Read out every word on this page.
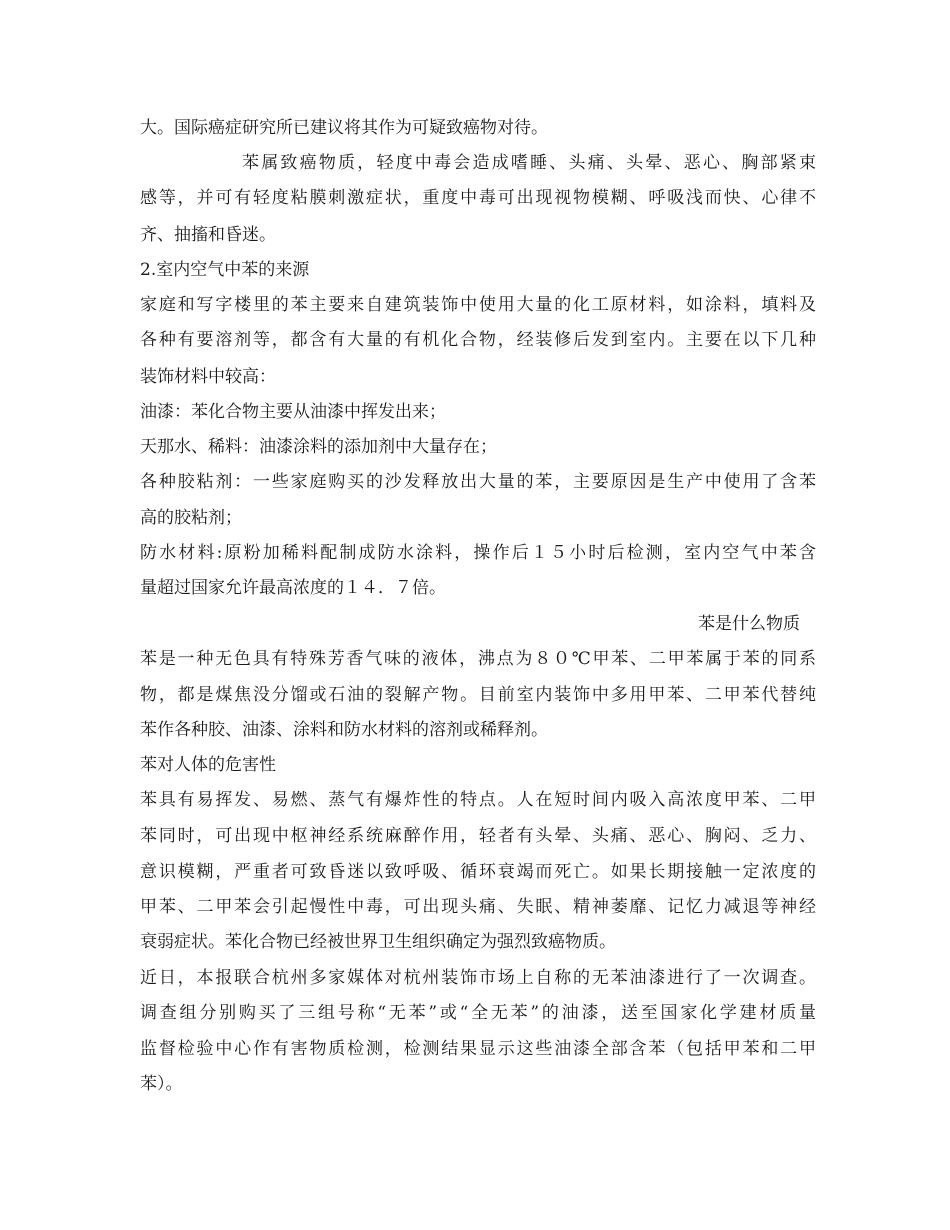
大。国际癌症研究所已建议将其作为可疑致癌物对待。
苯属致癌物质，轻度中毒会造成嗜睡、头痛、头晕、恶心、胸部紧束
感等，并可有轻度粘膜刺激症状，重度中毒可出现视物模糊、呼吸浅而快、心律不
齐、抽搐和昏迷。
2.室内空气中苯的来源
家庭和写字楼里的苯主要来自建筑装饰中使用大量的化工原材料，如涂料，填料及
各种有要溶剂等，都含有大量的有机化合物，经装修后发到室内。主要在以下几种
装饰材料中较高：
油漆：苯化合物主要从油漆中挥发出来；
天那水、稀料：油漆涂料的添加剂中大量存在；
各种胶粘剂：一些家庭购买的沙发释放出大量的苯，主要原因是生产中使用了含苯
高的胶粘剂；
防水材料:原粉加稀料配制成防水涂料，操作后１５小时后检测，室内空气中苯含
量超过国家允许最高浓度的１４．７倍。
苯是什么物质
苯是一种无色具有特殊芳香气味的液体，沸点为８０℃甲苯、二甲苯属于苯的同系
物，都是煤焦没分馏或石油的裂解产物。目前室内装饰中多用甲苯、二甲苯代替纯
苯作各种胶、油漆、涂料和防水材料的溶剂或稀释剂。
苯对人体的危害性
苯具有易挥发、易燃、蒸气有爆炸性的特点。人在短时间内吸入高浓度甲苯、二甲
苯同时，可出现中枢神经系统麻醉作用，轻者有头晕、头痛、恶心、胸闷、乏力、
意识模糊，严重者可致昏迷以致呼吸、循环衰竭而死亡。如果长期接触一定浓度的
甲苯、二甲苯会引起慢性中毒，可出现头痛、失眠、精神萎靡、记忆力减退等神经
衰弱症状。苯化合物已经被世界卫生组织确定为强烈致癌物质。
近日，本报联合杭州多家媒体对杭州装饰市场上自称的无苯油漆进行了一次调查。
调查组分别购买了三组号称“无苯”或“全无苯”的油漆，送至国家化学建材质量
监督检验中心作有害物质检测，检测结果显示这些油漆全部含苯（包括甲苯和二甲
苯）。
